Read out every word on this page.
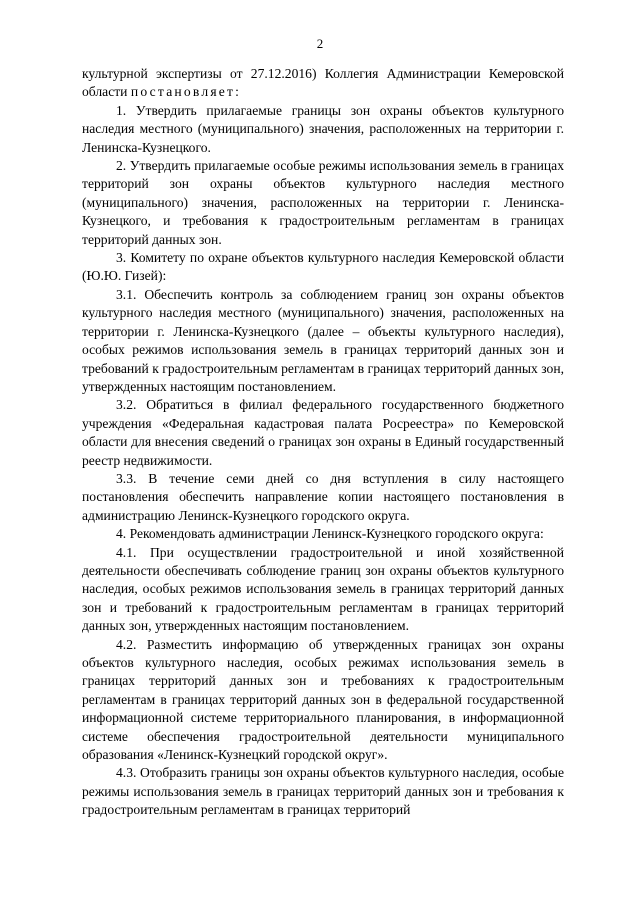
2

культурной экспертизы от 27.12.2016) Коллегия Администрации Кемеровской области постановляет:

1. Утвердить прилагаемые границы зон охраны объектов культурного наследия местного (муниципального) значения, расположенных на территории г. Ленинска-Кузнецкого.

2. Утвердить прилагаемые особые режимы использования земель в границах территорий зон охраны объектов культурного наследия местного (муниципального) значения, расположенных на территории г. Ленинска-Кузнецкого, и требования к градостроительным регламентам в границах территорий данных зон.

3. Комитету по охране объектов культурного наследия Кемеровской области (Ю.Ю. Гизей):

3.1. Обеспечить контроль за соблюдением границ зон охраны объектов культурного наследия местного (муниципального) значения, расположенных на территории г. Ленинска-Кузнецкого (далее – объекты культурного наследия), особых режимов использования земель в границах территорий данных зон и требований к градостроительным регламентам в границах территорий данных зон, утвержденных настоящим постановлением.

3.2. Обратиться в филиал федерального государственного бюджетного учреждения «Федеральная кадастровая палата Росреестра» по Кемеровской области для внесения сведений о границах зон охраны в Единый государственный реестр недвижимости.

3.3. В течение семи дней со дня вступления в силу настоящего постановления обеспечить направление копии настоящего постановления в администрацию Ленинск-Кузнецкого городского округа.

4. Рекомендовать администрации Ленинск-Кузнецкого городского округа:

4.1. При осуществлении градостроительной и иной хозяйственной деятельности обеспечивать соблюдение границ зон охраны объектов культурного наследия, особых режимов использования земель в границах территорий данных зон и требований к градостроительным регламентам в границах территорий данных зон, утвержденных настоящим постановлением.

4.2. Разместить информацию об утвержденных границах зон охраны объектов культурного наследия, особых режимах использования земель в границах территорий данных зон и требованиях к градостроительным регламентам в границах территорий данных зон в федеральной государственной информационной системе территориального планирования, в информационной системе обеспечения градостроительной деятельности муниципального образования «Ленинск-Кузнецкий городской округ».

4.3. Отобразить границы зон охраны объектов культурного наследия, особые режимы использования земель в границах территорий данных зон и требования к градостроительным регламентам в границах территорий
